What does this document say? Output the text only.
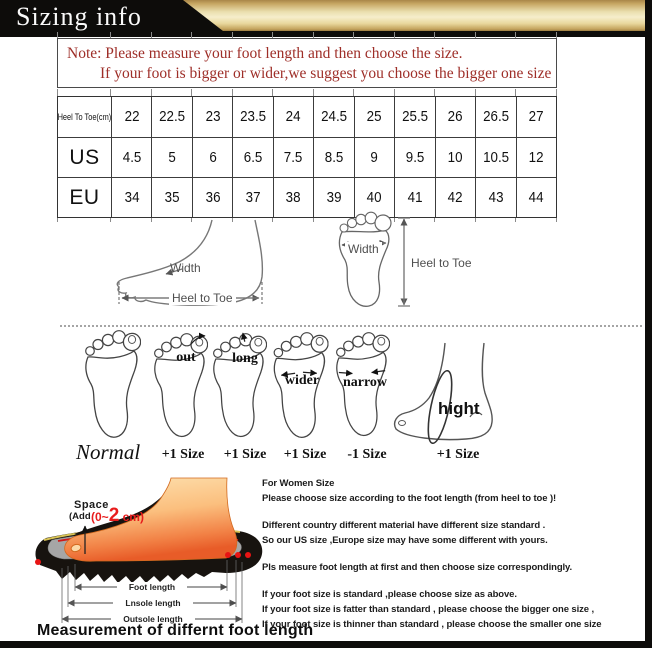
Sizing info
Note: Please measure your foot length and then choose the size.
If your foot is bigger or wider,we suggest you choose the bigger one size
Heel To Toe(cm) 22 22.5 23 23.5 24 24.5 25 25.5 26 26.5 27
US 4.5 5 6 6.5 7.5 8.5 9 9.5 10 10.5 12
EU 34 35 36 37 38 39 40 41 42 43 44
Width
Heel to Toe
Width
Heel to Toe
out	long
wider	narrow
hight
Normal	+1 Size	+1 Size	+1 Size	-1 Size	+1 Size
Space
(Add (0~2 cm)
Foot length
Lnsole length
Outsole length
Measurement of differnt foot length
For Women Size
Please choose size according to the foot length (from heel to toe )!
Different country different material have different size standard .
So our US size ,Europe size may have some different with yours.
Pls measure foot length at first and then choose size correspondingly.
If your foot size is standard ,please choose size as above.
If your foot size is fatter than standard , please choose the bigger one size ,
If your foot size is thinner than standard , please choose the smaller one size
